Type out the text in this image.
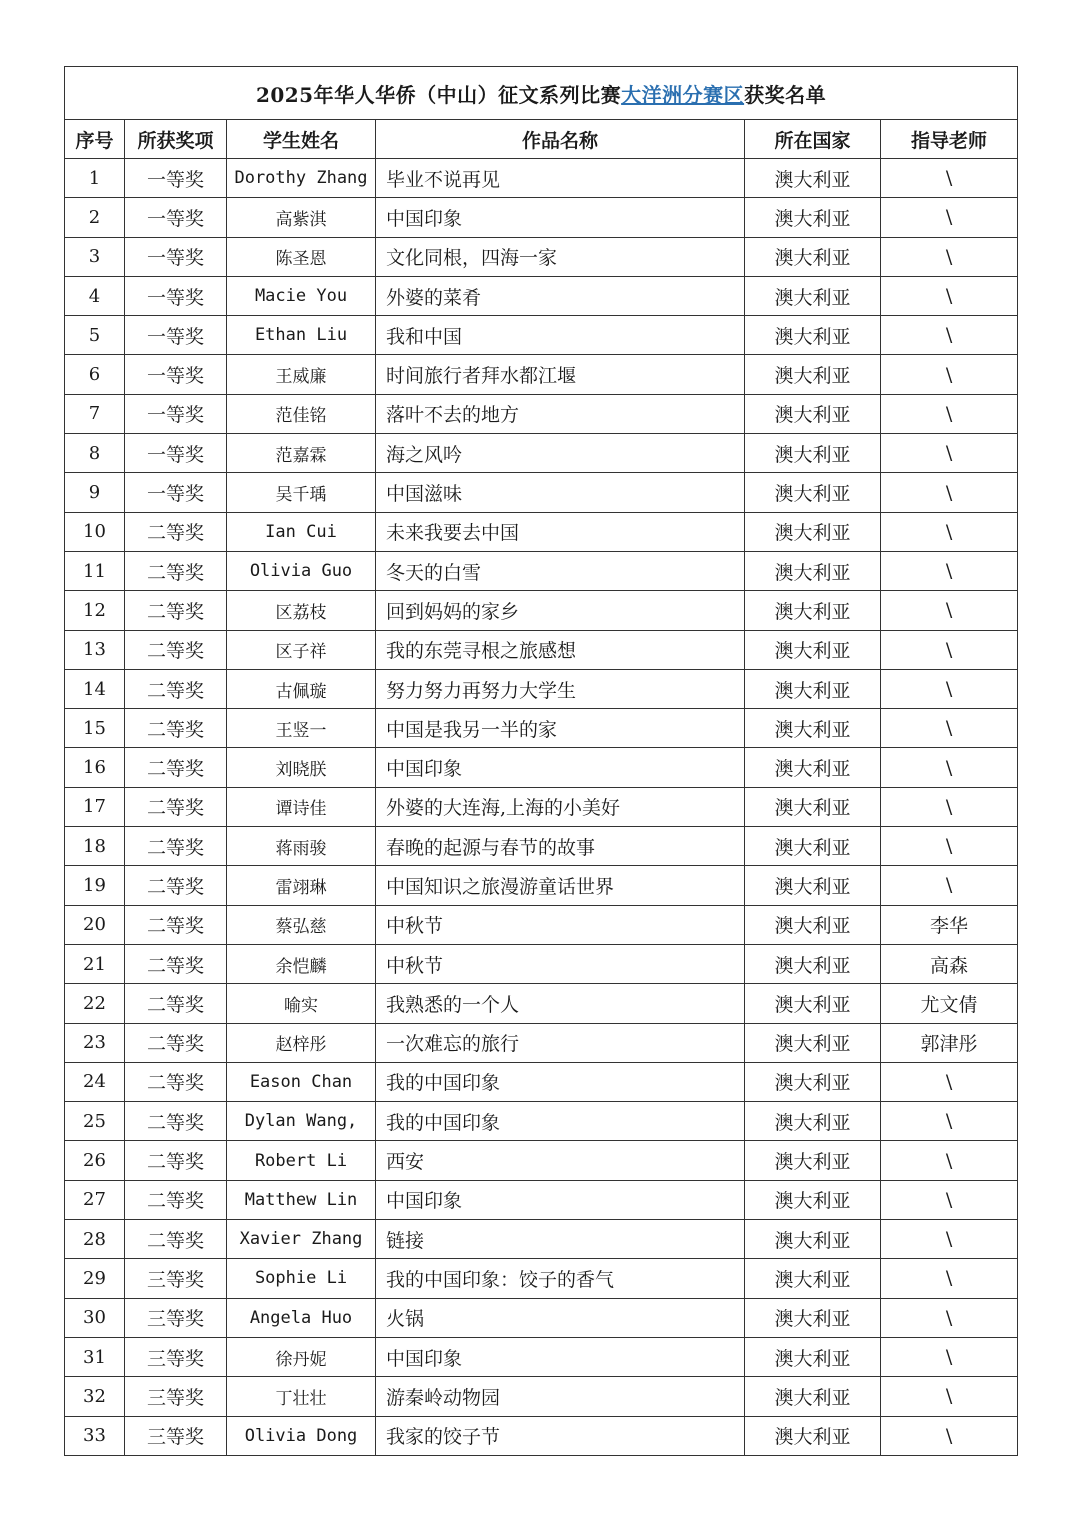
2025年华人华侨（中山）征文系列比赛大洋洲分赛区获奖名单					
序号	所获奖项	学生姓名	作品名称	所在国家	指导老师
1	一等奖	Dorothy Zhang	毕业不说再见	澳大利亚	\
2	一等奖	高紫淇	中国印象	澳大利亚	\
3	一等奖	陈圣恩	文化同根，四海一家	澳大利亚	\
4	一等奖	Macie You	外婆的菜肴	澳大利亚	\
5	一等奖	Ethan Liu	我和中国	澳大利亚	\
6	一等奖	王威廉	时间旅行者拜水都江堰	澳大利亚	\
7	一等奖	范佳铭	落叶不去的地方	澳大利亚	\
8	一等奖	范嘉霖	海之风吟	澳大利亚	\
9	一等奖	吴千瑀	中国滋味	澳大利亚	\
10	二等奖	Ian Cui	未来我要去中国	澳大利亚	\
11	二等奖	Olivia Guo	冬天的白雪	澳大利亚	\
12	二等奖	区荔枝	回到妈妈的家乡	澳大利亚	\
13	二等奖	区子祥	我的东莞寻根之旅感想	澳大利亚	\
14	二等奖	古佩璇	努力努力再努力大学生	澳大利亚	\
15	二等奖	王竖一	中国是我另一半的家	澳大利亚	\
16	二等奖	刘晓朕	中国印象	澳大利亚	\
17	二等奖	谭诗佳	外婆的大连海,上海的小美好	澳大利亚	\
18	二等奖	蒋雨骏	春晚的起源与春节的故事	澳大利亚	\
19	二等奖	雷翊琳	中国知识之旅漫游童话世界	澳大利亚	\
20	二等奖	蔡弘慈	中秋节	澳大利亚	李华
21	二等奖	余恺麟	中秋节	澳大利亚	高森
22	二等奖	喻实	我熟悉的一个人	澳大利亚	尤文倩
23	二等奖	赵梓彤	一次难忘的旅行	澳大利亚	郭津彤
24	二等奖	Eason Chan	我的中国印象	澳大利亚	\
25	二等奖	Dylan Wang,	我的中国印象	澳大利亚	\
26	二等奖	Robert Li	西安	澳大利亚	\
27	二等奖	Matthew Lin	中国印象	澳大利亚	\
28	二等奖	Xavier Zhang	链接	澳大利亚	\
29	三等奖	Sophie Li	我的中国印象：饺子的香气	澳大利亚	\
30	三等奖	Angela Huo	火锅	澳大利亚	\
31	三等奖	徐丹妮	中国印象	澳大利亚	\
32	三等奖	丁壮壮	游秦岭动物园	澳大利亚	\
33	三等奖	Olivia Dong	我家的饺子节	澳大利亚	\
